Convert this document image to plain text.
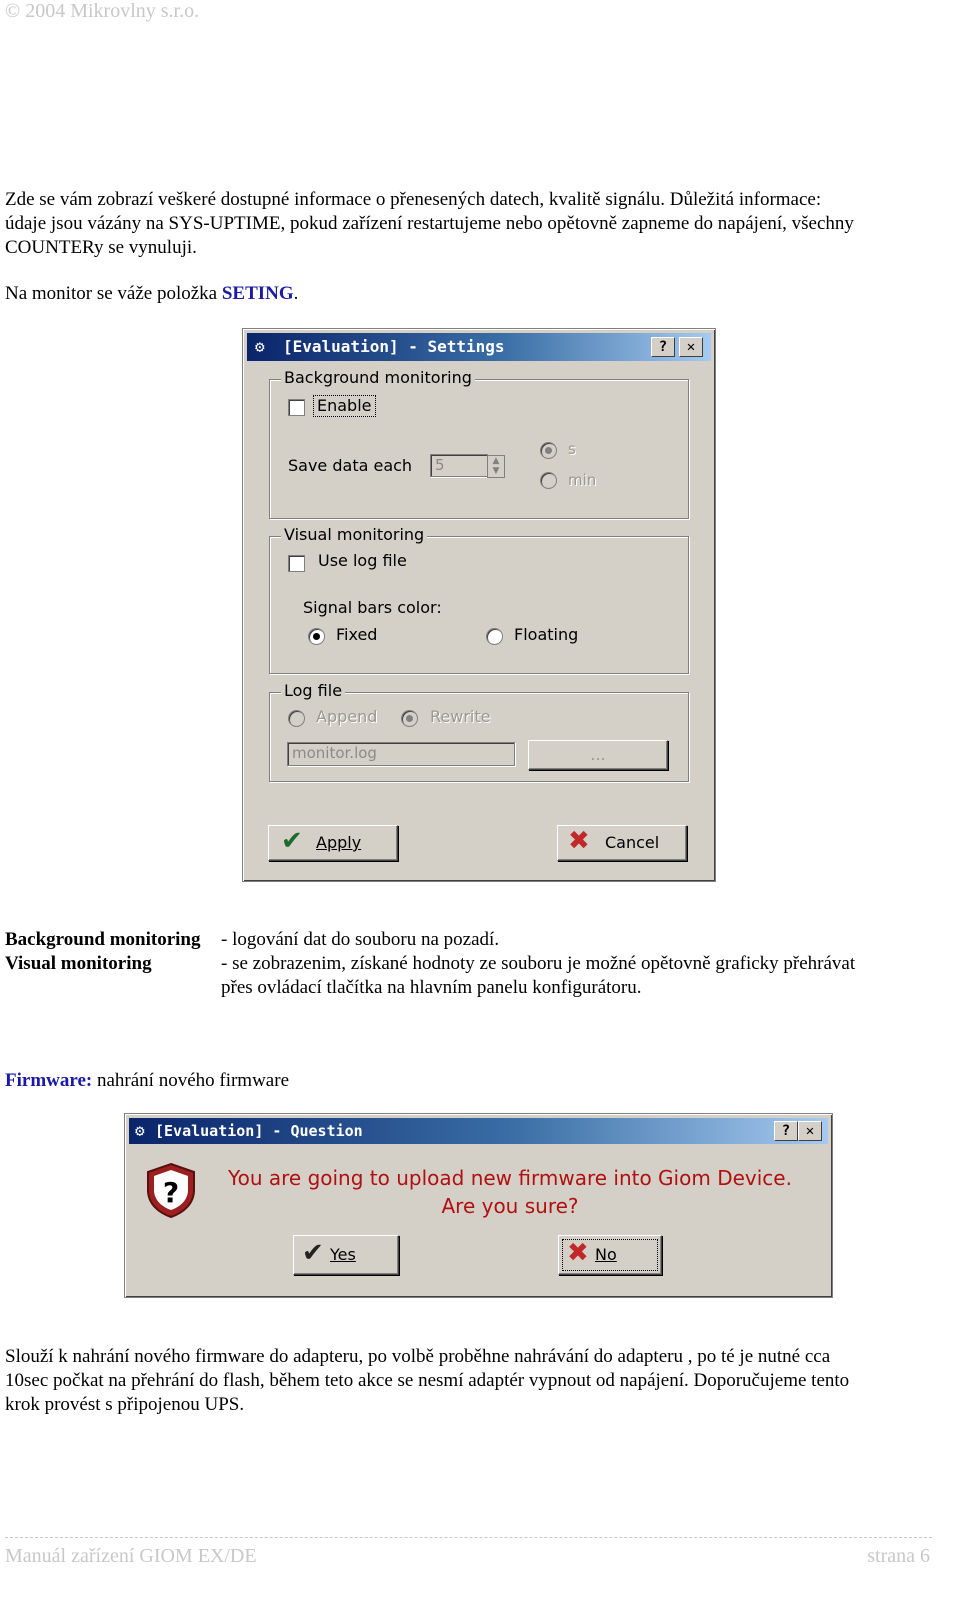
© 2004 Mikrovlny s.r.o.
Zde se vám zobrazí veškeré dostupné informace o přenesených datech, kvalitě signálu. Důležitá informace:
údaje jsou vázány na SYS-UPTIME, pokud zařízení restartujeme nebo opětovně zapneme do napájení, všechny
COUNTERy se vynuluji.
Na monitor se váže položka SETING.
⚙	[Evaluation] - Settings	?	✕
Background monitoring
Enable
Save data each	5	▲
▼
s
min
Visual monitoring
Use log file
Signal bars color:
Fixed	Floating
Log file
Append	Rewrite
monitor.log	...
✔ Apply	✖ Cancel
Background monitoring - logování dat do souboru na pozadí.
Visual monitoring	- se zobrazenim, získané hodnoty ze souboru je možné opětovně graficky přehrávat
přes ovládací tlačítka na hlavním panelu konfigurátoru.
Firmware: nahrání nového firmware
⚙ [Evaluation] - Question	?	✕
?	You are going to upload new firmware into Giom Device.
Are you sure?
✔ Yes	✖ No
Slouží k nahrání nového firmware do adapteru, po volbě proběhne nahrávání do adapteru , po té je nutné cca
10sec počkat na přehrání do flash, během teto akce se nesmí adaptér vypnout od napájení. Doporučujeme tento
krok provést s připojenou UPS.
Manuál zařízení GIOM EX/DE	strana 6
